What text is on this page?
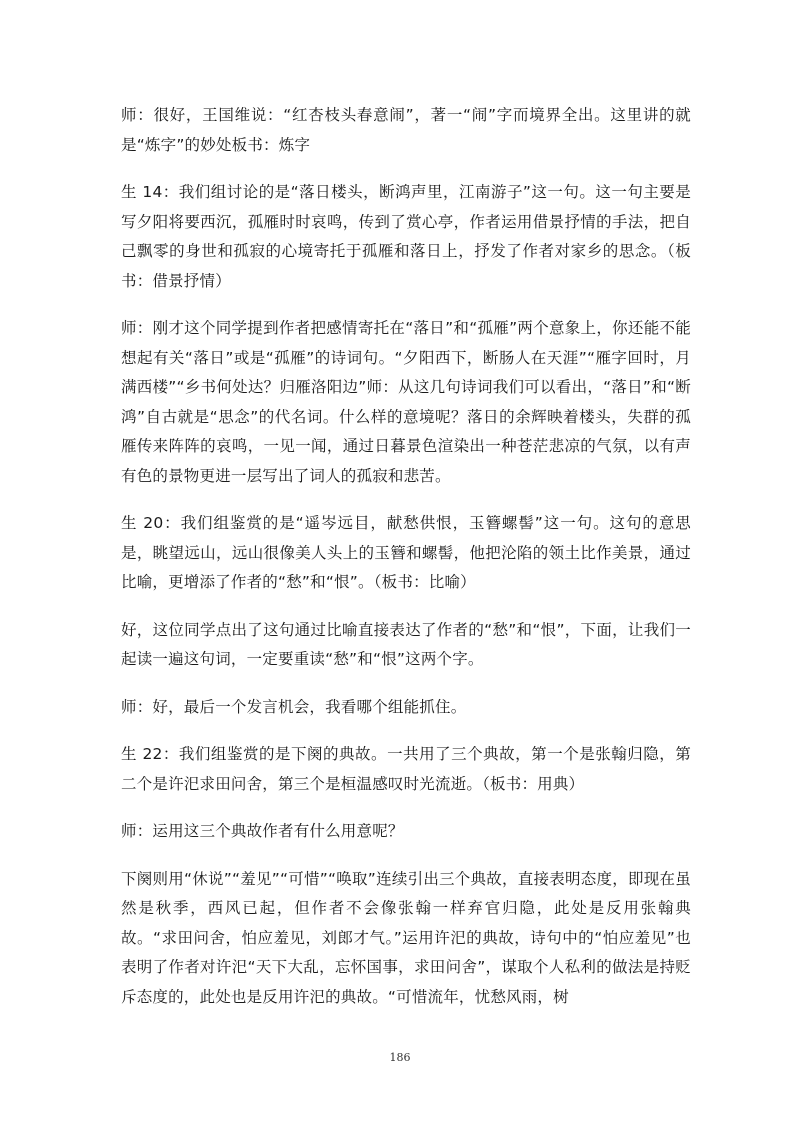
师：很好，王国维说：“红杏枝头春意闹”，著一“闹”字而境界全出。这里讲的就是“炼字”的妙处板书：炼字

生 14：我们组讨论的是“落日楼头，断鸿声里，江南游子”这一句。这一句主要是写夕阳将要西沉，孤雁时时哀鸣，传到了赏心亭，作者运用借景抒情的手法，把自己飘零的身世和孤寂的心境寄托于孤雁和落日上，抒发了作者对家乡的思念。（板书：借景抒情）

师：刚才这个同学提到作者把感情寄托在“落日”和“孤雁”两个意象上，你还能不能想起有关“落日”或是“孤雁”的诗词句。“夕阳西下，断肠人在天涯”“雁字回时，月满西楼”“乡书何处达？归雁洛阳边”师：从这几句诗词我们可以看出，“落日”和“断鸿”自古就是“思念”的代名词。什么样的意境呢？落日的余辉映着楼头，失群的孤雁传来阵阵的哀鸣，一见一闻，通过日暮景色渲染出一种苍茫悲凉的气氛，以有声有色的景物更进一层写出了词人的孤寂和悲苦。

生 20：我们组鉴赏的是“遥岑远目，献愁供恨，玉簪螺髻”这一句。这句的意思是，眺望远山，远山很像美人头上的玉簪和螺髻，他把沦陷的领土比作美景，通过比喻，更增添了作者的“愁”和“恨”。（板书：比喻）

好，这位同学点出了这句通过比喻直接表达了作者的“愁”和“恨”，下面，让我们一起读一遍这句词，一定要重读“愁”和“恨”这两个字。

师：好，最后一个发言机会，我看哪个组能抓住。

生 22：我们组鉴赏的是下阕的典故。一共用了三个典故，第一个是张翰归隐，第二个是许汜求田问舍，第三个是桓温感叹时光流逝。（板书：用典）

师：运用这三个典故作者有什么用意呢？

下阕则用“休说”“羞见”“可惜”“唤取”连续引出三个典故，直接表明态度，即现在虽然是秋季，西风已起，但作者不会像张翰一样弃官归隐，此处是反用张翰典故。“求田问舍，怕应羞见，刘郎才气。”运用许汜的典故，诗句中的“怕应羞见”也表明了作者对许汜“天下大乱，忘怀国事，求田问舍”，谋取个人私利的做法是持贬斥态度的，此处也是反用许汜的典故。“可惜流年，忧愁风雨，树

186
